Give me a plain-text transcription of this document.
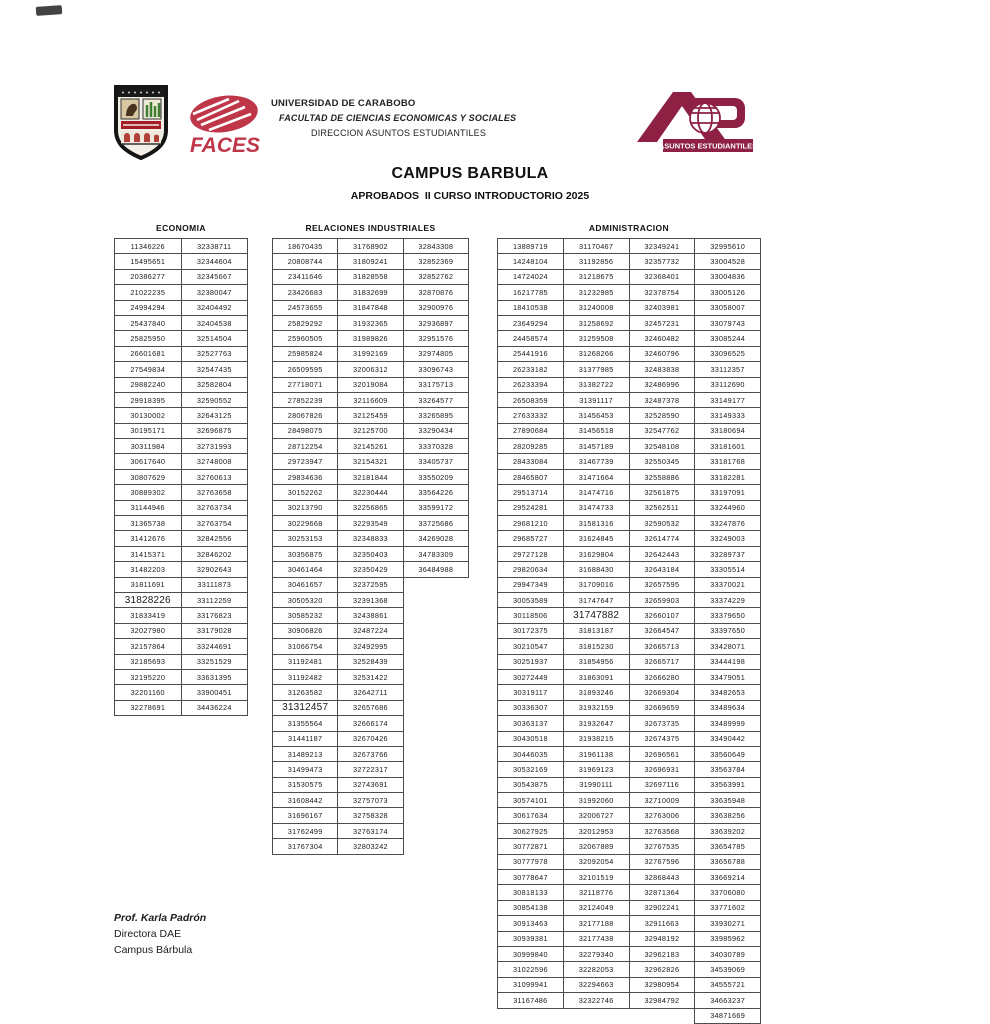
FACES
UNIVERSIDAD DE CARABOBO
FACULTAD DE CIENCIAS ECONOMICAS Y SOCIALES
DIRECCION ASUNTOS ESTUDIANTILES
ASUNTOS ESTUDIANTILES
CAMPUS BARBULA
APROBADOS  II CURSO INTRODUCTORIO 2025
ECONOMIA
11346226	32338711
15495651	32344604
20386277	32345667
21022235	32380047
24994294	32404492
25437840	32404538
25825950	32514504
26601681	32527763
27549834	32547435
29882240	32582804
29918395	32590552
30130002	32643125
30195171	32696875
30311984	32731993
30617640	32748008
30807629	32760613
30889302	32763658
31144946	32763734
31365738	32763754
31412676	32842556
31415371	32846202
31482203	32902643
31811691	33111873
31828226	33112259
31833419	33176823
32027980	33179028
32157864	33244691
32185693	33251529
32195220	33631395
32201160	33900451
32278691	34436224
RELACIONES INDUSTRIALES
18670435	31768902	32843308
20808744	31809241	32852369
23411646	31828558	32852762
23426683	31832699	32870876
24573655	31847848	32900976
25829292	31932365	32936897
25960505	31989826	32951576
25985824	31992169	32974805
26509595	32006312	33096743
27718071	32019084	33175713
27852239	32116609	33264577
28067826	32125459	33265895
28498075	32125700	33290434
28712254	32145261	33370328
29723947	32154321	33405737
29834636	32181844	33550209
30152262	32230444	33564226
30213790	32256865	33599172
30229668	32293549	33725686
30253153	32348833	34269028
30356875	32350403	34783309
30461464	32350429	36484988
30461657	32372595	
30505320	32391368	
30585232	32438861	
30906826	32487224	
31066754	32492995	
31192481	32528439	
31192482	32531422	
31263582	32642711	
31312457	32657686	
31355564	32666174	
31441187	32670426	
31489213	32673766	
31499473	32722317	
31530575	32743691	
31608442	32757073	
31696167	32758328	
31762499	32763174	
31767304	32803242	
ADMINISTRACION
13889719	31170467	32349241	32995610
14248104	31192856	32357732	33004528
14724024	31218675	32368401	33004836
16217785	31232985	32378754	33005126
18410538	31240008	32403981	33058007
23649294	31258692	32457231	33079743
24458574	31259508	32460482	33085244
25441916	31268266	32460796	33096525
26233182	31377985	32483838	33112357
26233394	31382722	32486996	33112690
26508359	31391117	32487378	33149177
27633332	31456453	32528590	33149333
27890684	31456518	32547762	33180694
28209285	31457189	32548108	33181601
28433084	31467739	32550345	33181768
28465807	31471664	32558886	33182281
29513714	31474716	32561875	33197091
29524281	31474733	32562511	33244960
29681210	31581316	32590532	33247876
29685727	31624845	32614774	33249003
29727128	31629804	32642443	33289737
29820634	31688430	32643184	33305514
29947349	31709016	32657595	33370021
30053589	31747647	32659903	33374229
30118506	31747882	32660107	33379650
30172375	31813187	32664547	33397650
30210547	31815230	32665713	33428071
30251937	31854956	32665717	33444198
30272449	31863091	32666280	33479051
30319117	31893246	32669304	33482653
30336307	31932159	32669659	33489634
30363137	31932647	32673735	33489999
30430518	31938215	32674375	33490442
30446035	31961138	32696561	33560649
30532169	31969123	32696931	33563784
30543875	31990111	32697116	33563991
30574101	31992060	32710009	33635948
30617634	32006727	32763006	33638256
30627925	32012953	32763568	33639202
30772871	32067889	32767535	33654785
30777978	32092054	32767596	33656788
30778647	32101519	32868443	33669214
30818133	32118776	32871364	33706080
30854138	32124049	32902241	33771602
30913463	32177188	32911663	33930271
30939381	32177438	32948192	33985962
30999840	32279340	32962183	34030789
31022596	32282053	32962826	34539069
31099941	32294663	32980954	34555721
31167486	32322746	32984792	34663237
			34871669
Prof. Karla Padrón
Directora DAE
Campus Bárbula
